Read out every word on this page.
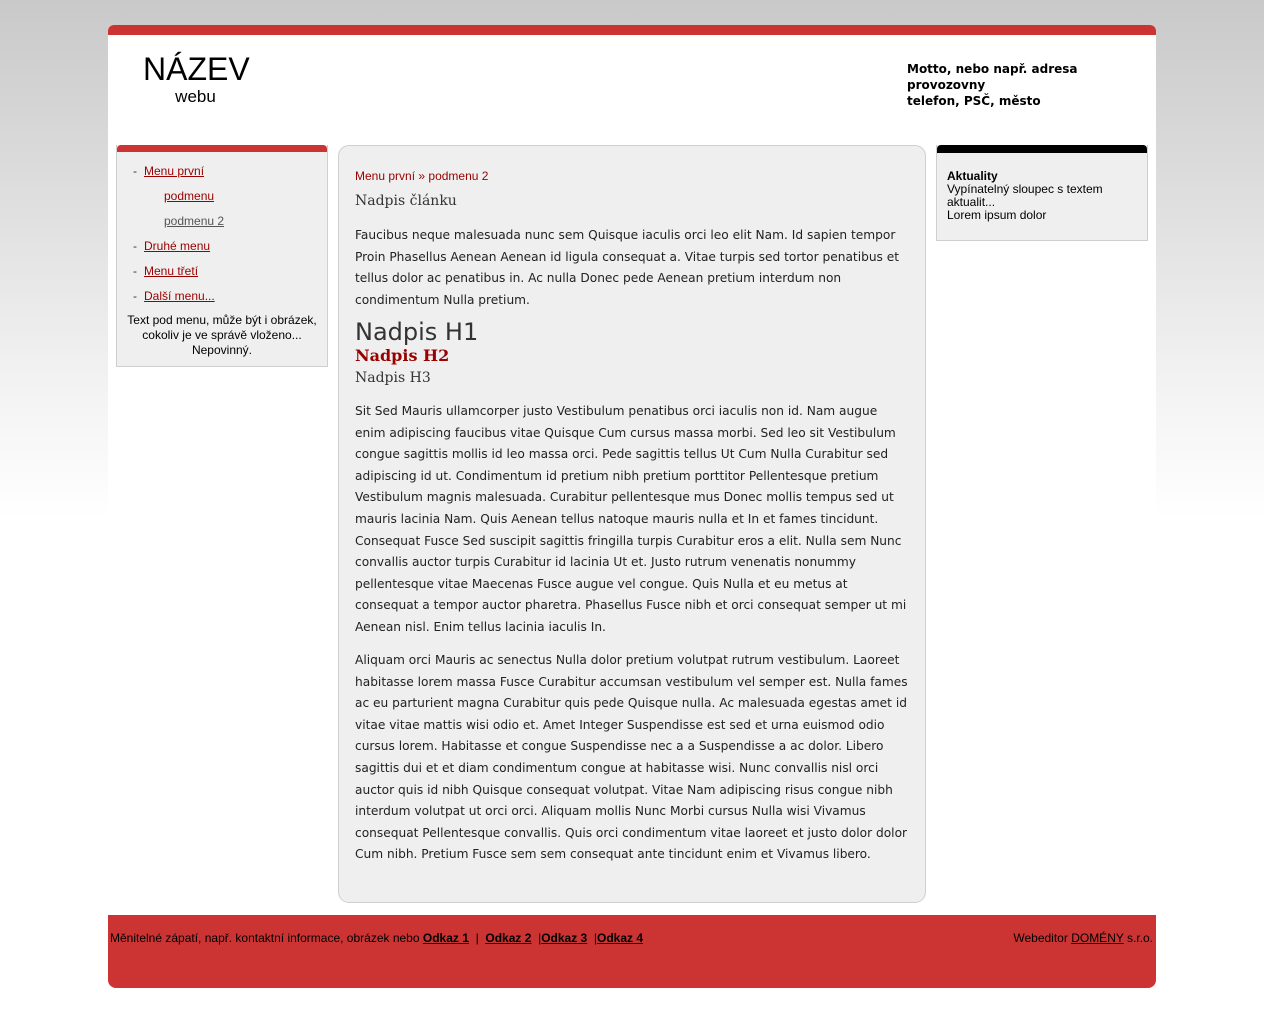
NÁZEV
webu
Motto, nebo např. adresa provozovny
telefon, PSČ, město
- Menu první
podmenu
podmenu 2
- Druhé menu
- Menu třetí
- Další menu...
Text pod menu, může být i obrázek, cokoliv je ve správě vloženo... Nepovinný.
Menu první » podmenu 2
Nadpis článku

Faucibus neque malesuada nunc sem Quisque iaculis orci leo elit Nam. Id sapien tempor Proin Phasellus Aenean Aenean id ligula consequat a. Vitae turpis sed tortor penatibus et tellus dolor ac penatibus in. Ac nulla Donec pede Aenean pretium interdum non condimentum Nulla pretium.

Nadpis H1
Nadpis H2
Nadpis H3

Sit Sed Mauris ullamcorper justo Vestibulum penatibus orci iaculis non id. Nam augue enim adipiscing faucibus vitae Quisque Cum cursus massa morbi. Sed leo sit Vestibulum congue sagittis mollis id leo massa orci. Pede sagittis tellus Ut Cum Nulla Curabitur sed adipiscing id ut. Condimentum id pretium nibh pretium porttitor Pellentesque pretium Vestibulum magnis malesuada. Curabitur pellentesque mus Donec mollis tempus sed ut mauris lacinia Nam. Quis Aenean tellus natoque mauris nulla et In et fames tincidunt. Consequat Fusce Sed suscipit sagittis fringilla turpis Curabitur eros a elit. Nulla sem Nunc convallis auctor turpis Curabitur id lacinia Ut et. Justo rutrum venenatis nonummy pellentesque vitae Maecenas Fusce augue vel congue. Quis Nulla et eu metus at consequat a tempor auctor pharetra. Phasellus Fusce nibh et orci consequat semper ut mi Aenean nisl. Enim tellus lacinia iaculis In.

Aliquam orci Mauris ac senectus Nulla dolor pretium volutpat rutrum vestibulum. Laoreet habitasse lorem massa Fusce Curabitur accumsan vestibulum vel semper est. Nulla fames ac eu parturient magna Curabitur quis pede Quisque nulla. Ac malesuada egestas amet id vitae vitae mattis wisi odio et. Amet Integer Suspendisse est sed et urna euismod odio cursus lorem. Habitasse et congue Suspendisse nec a a Suspendisse a ac dolor. Libero sagittis dui et et diam condimentum congue at habitasse wisi. Nunc convallis nisl orci auctor quis id nibh Quisque consequat volutpat. Vitae Nam adipiscing risus congue nibh interdum volutpat ut orci orci. Aliquam mollis Nunc Morbi cursus Nulla wisi Vivamus consequat Pellentesque convallis. Quis orci condimentum vitae laoreet et justo dolor dolor Cum nibh. Pretium Fusce sem sem consequat ante tincidunt enim et Vivamus libero.

Aktuality
Vypínatelný sloupec s textem aktualit...
Lorem ipsum dolor
Měnitelné zápatí, např. kontaktní informace, obrázek nebo Odkaz 1 | Odkaz 2 |Odkaz 3 |Odkaz 4	Webeditor DOMÉNY s.r.o.
